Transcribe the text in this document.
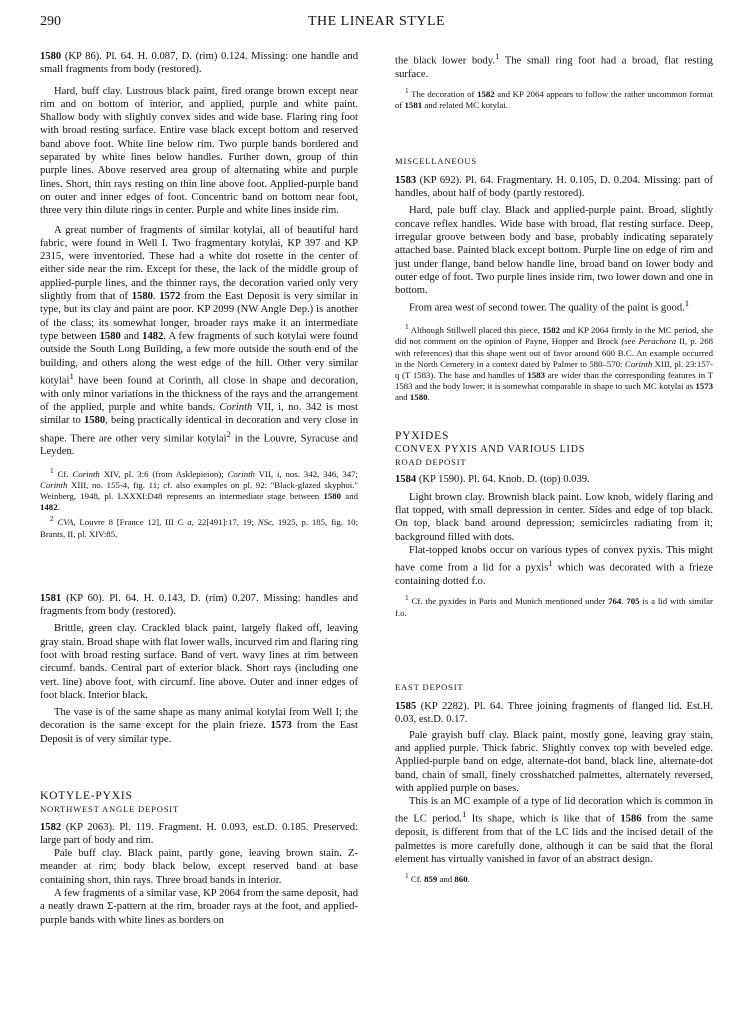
290	THE LINEAR STYLE

1580 (KP 86). Pl. 64. H. 0.087, D. (rim) 0.124. Missing: one handle and small fragments from body (restored).

Hard, buff clay. Lustrous black paint, fired orange brown except near rim and on bottom of interior, and applied, purple and white paint. Shallow body with slightly convex sides and wide base. Flaring ring foot with broad resting surface. Entire vase black except bottom and reserved band above foot. White line below rim. Two purple bands bordered and separated by white lines below handles. Further down, group of thin purple lines. Above reserved area group of alternating white and purple lines. Short, thin rays resting on thin line above foot. Applied-purple band on outer and inner edges of foot. Concentric band on bottom near foot, three very thin dilute rings in center. Purple and white lines inside rim.

A great number of fragments of similar kotylai, all of beautiful hard fabric, were found in Well I. Two fragmentary kotylai, KP 397 and KP 2315, were inventoried. These had a white dot rosette in the center of either side near the rim. Except for these, the lack of the middle group of applied-purple lines, and the thinner rays, the decoration varied only very slightly from that of 1580. 1572 from the East Deposit is very similar in type, but its clay and paint are poor. KP 2099 (NW Angle Dep.) is another of the class; its somewhat longer, broader rays make it an intermediate type between 1580 and 1482. A few fragments of such kotylai were found outside the South Long Building, a few more outside the south end of the building, and others along the west edge of the hill. Other very similar kotylai$^1$ have been found at Corinth, all close in shape and decoration, with only minor variations in the thickness of the rays and the arrangement of the applied, purple and white bands. Corinth VII, i, no. 342 is most similar to 1580, being practically identical in decoration and very close in shape. There are other very similar kotylai$^2$ in the Louvre, Syracuse and Leyden.

$^1$ Cf. Corinth XIV, pl. 3:6 (from Asklepieion); Corinth VII, i, nos. 342, 346, 347; Corinth XIII, no. 155-4, fig. 11; cf. also examples on pl. 92: "Black-glazed skyphoi." Weinberg, 1948, pl. LXXXI:D48 represents an intermediate stage between 1580 and 1482.

$^2$ CVA, Louvre 8 [France 12], III C a, 22[491]:17, 19; NSc, 1925, p. 185, fig. 10; Brants, II, pl. XIV:85.

1581 (KP 60). Pl. 64. H. 0.143, D. (rim) 0.207. Missing: handles and fragments from body (restored).

Brittle, green clay. Crackled black paint, largely flaked off, leaving gray stain. Broad shape with flat lower walls, incurved rim and flaring ring foot with broad resting surface. Band of vert. wavy lines at rim between circumf. bands. Central part of exterior black. Short rays (including one vert. line) above foot, with circumf. line above. Outer and inner edges of foot black. Interior black.

The vase is of the same shape as many animal kotylai from Well I; the decoration is the same except for the plain frieze. 1573 from the East Deposit is of very similar type.

KOTYLE-PYXIS

NORTHWEST ANGLE DEPOSIT

1582 (KP 2063). Pl. 119. Fragment. H. 0.093, est.D. 0.185. Preserved: large part of body and rim.

Pale buff clay. Black paint, partly gone, leaving brown stain. Z-meander at rim; body black below, except reserved band at base containing short, thin rays. Three broad bands in interior.

A few fragments of a similar vase, KP 2064 from the same deposit, had a neatly drawn Σ-pattern at the rim, broader rays at the foot, and applied-purple bands with white lines as borders on

the black lower body.$^1$ The small ring foot had a broad, flat resting surface.

$^1$ The decoration of 1582 and KP 2064 appears to follow the rather uncommon format of 1581 and related MC kotylai.

MISCELLANEOUS

1583 (KP 692). Pl. 64. Fragmentary. H. 0.105, D. 0.204. Missing: part of handles, about half of body (partly restored).

Hard, pale buff clay. Black and applied-purple paint. Broad, slightly concave reflex handles. Wide base with broad, flat resting surface. Deep, irregular groove between body and base, probably indicating separately attached base. Painted black except bottom. Purple line on edge of rim and just under flange, band below handle line, broad band on lower body and outer edge of foot. Two purple lines inside rim, two lower down and one in bottom.

From area west of second tower. The quality of the paint is good.$^1$

$^1$ Although Stillwell placed this piece, 1582 and KP 2064 firmly in the MC period, she did not comment on the opinion of Payne, Hopper and Brock (see Perachora II, p. 268 with references) that this shape went out of favor around 600 B.C. An example occurred in the North Cemetery in a context dated by Palmer to 580–570: Corinth XIII, pl. 23:157-q (T 1583). The base and handles of 1583 are wider than the corresponding features in T 1583 and the body lower; it is somewhat comparable in shape to such MC kotylai as 1573 and 1580.

PYXIDES

CONVEX PYXIS AND VARIOUS LIDS

ROAD DEPOSIT

1584 (KP 1590). Pl. 64. Knob. D. (top) 0.039.

Light brown clay. Brownish black paint. Low knob, widely flaring and flat topped, with small depression in center. Sides and edge of top black. On top, black band around depression; semicircles radiating from it; background filled with dots.

Flat-topped knobs occur on various types of convex pyxis. This might have come from a lid for a pyxis$^1$ which was decorated with a frieze containing dotted f.o.

$^1$ Cf. the pyxides in Paris and Munich mentioned under 764. 705 is a lid with similar f.o.

EAST DEPOSIT

1585 (KP 2282). Pl. 64. Three joining fragments of flanged lid. Est.H. 0.03, est.D. 0.17.

Pale grayish buff clay. Black paint, mostly gone, leaving gray stain, and applied purple. Thick fabric. Slightly convex top with beveled edge. Applied-purple band on edge, alternate-dot band, black line, alternate-dot band, chain of small, finely crosshatched palmettes, alternately reversed, with applied purple on bases.

This is an MC example of a type of lid decoration which is common in the LC period.$^1$ Its shape, which is like that of 1586 from the same deposit, is different from that of the LC lids and the incised detail of the palmettes is more carefully done, although it can be said that the floral element has virtually vanished in favor of an abstract design.

$^1$ Cf. 859 and 860.
